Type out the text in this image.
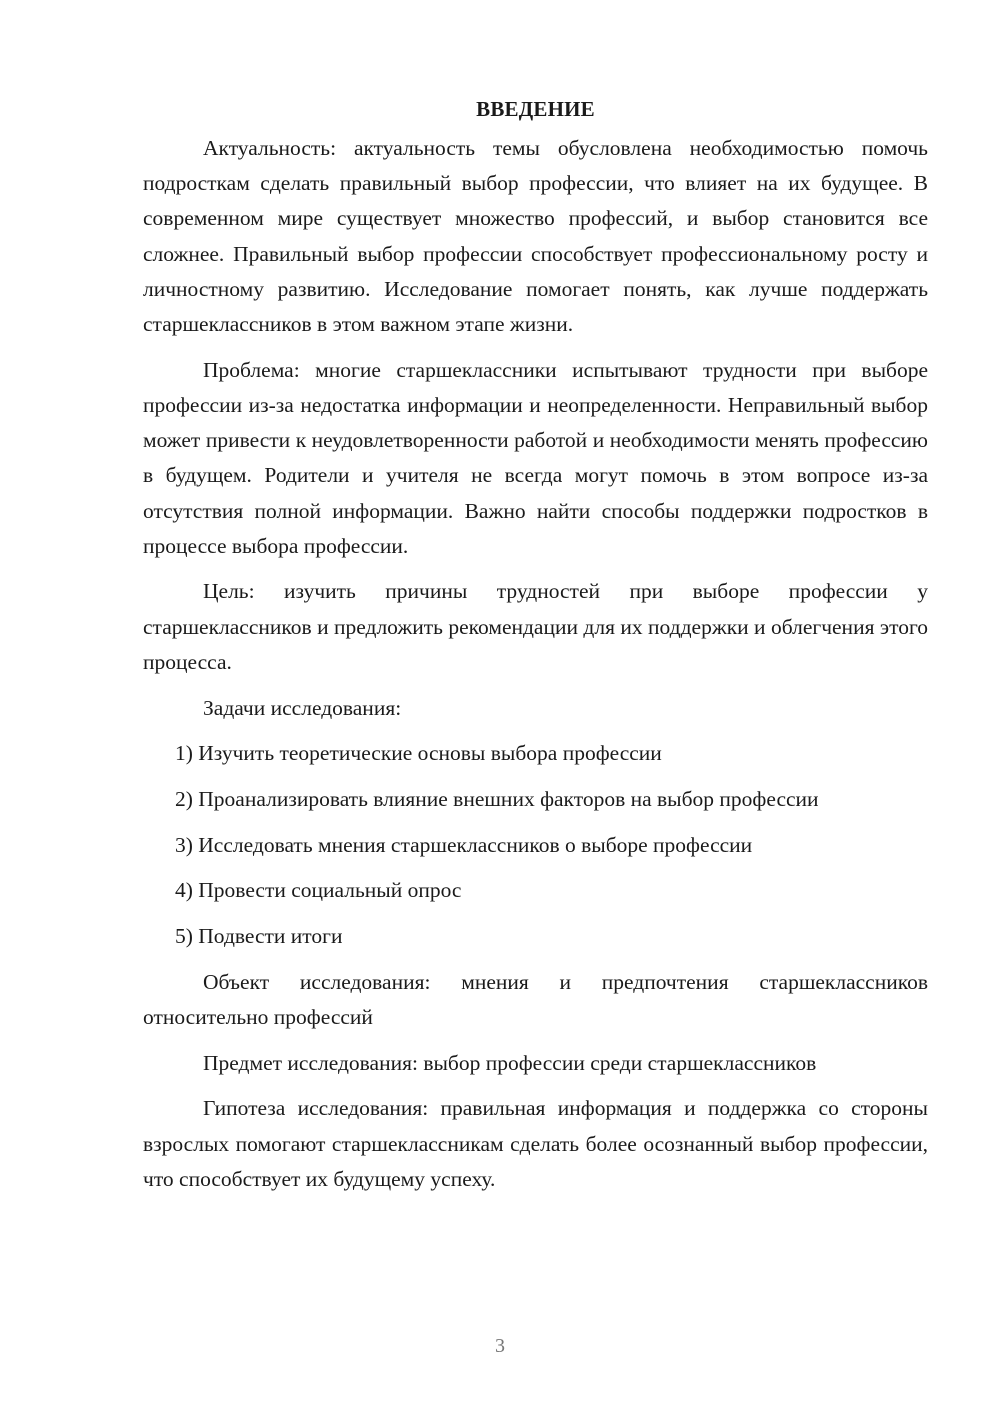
ВВЕДЕНИЕ

Актуальность: актуальность темы обусловлена необходимостью помочь подросткам сделать правильный выбор профессии, что влияет на их будущее. В современном мире существует множество профессий, и выбор становится все сложнее. Правильный выбор профессии способствует профессиональному росту и личностному развитию. Исследование помогает понять, как лучше поддержать старшеклассников в этом важном этапе жизни.

Проблема: многие старшеклассники испытывают трудности при выборе профессии из-за недостатка информации и неопределенности. Неправильный выбор может привести к неудовлетворенности работой и необходимости менять профессию в будущем. Родители и учителя не всегда могут помочь в этом вопросе из-за отсутствия полной информации. Важно найти способы поддержки подростков в процессе выбора профессии.

Цель: изучить причины трудностей при выборе профессии у старшеклассников и предложить рекомендации для их поддержки и облегчения этого процесса.

Задачи исследования:

1) Изучить теоретические основы выбора профессии

2) Проанализировать влияние внешних факторов на выбор профессии

3) Исследовать мнения старшеклассников о выборе профессии

4) Провести социальный опрос

5) Подвести итоги

Объект исследования: мнения и предпочтения старшеклассников относительно профессий

Предмет исследования: выбор профессии среди старшеклассников

Гипотеза исследования: правильная информация и поддержка со стороны взрослых помогают старшеклассникам сделать более осознанный выбор профессии, что способствует их будущему успеху.

3
